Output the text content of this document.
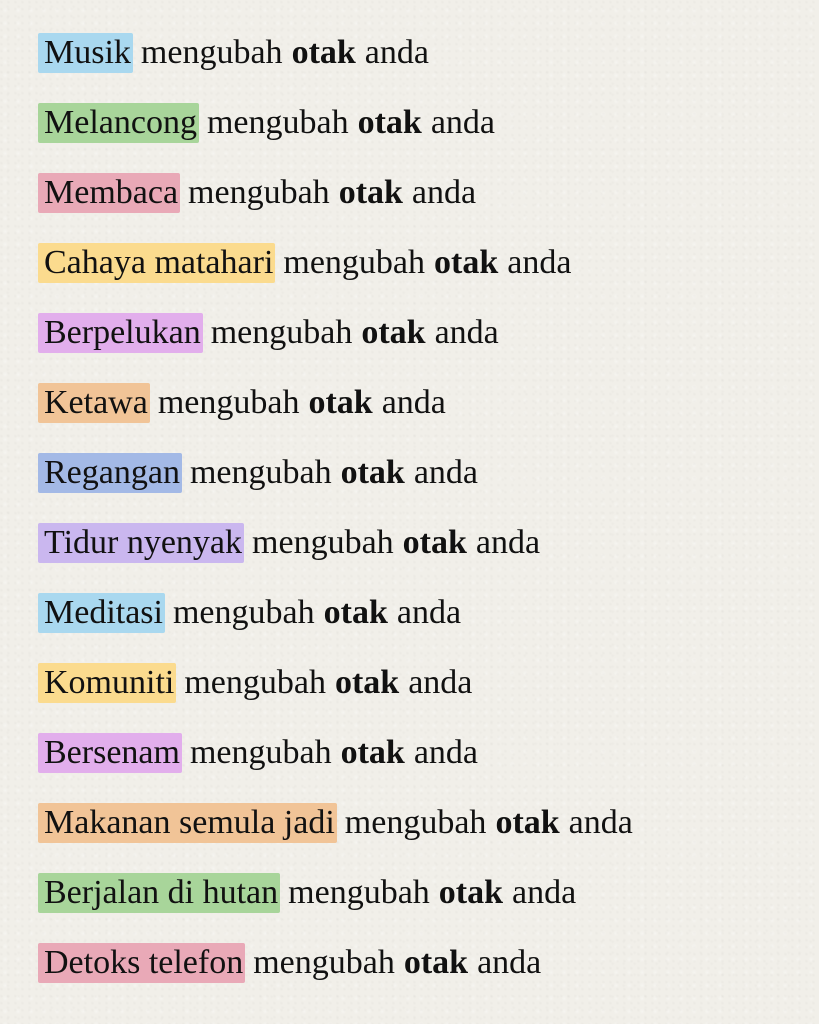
Musik mengubah otak anda
Melancong mengubah otak anda
Membaca mengubah otak anda
Cahaya matahari mengubah otak anda
Berpelukan mengubah otak anda
Ketawa mengubah otak anda
Regangan mengubah otak anda
Tidur nyenyak mengubah otak anda
Meditasi mengubah otak anda
Komuniti mengubah otak anda
Bersenam mengubah otak anda
Makanan semula jadi mengubah otak anda
Berjalan di hutan mengubah otak anda
Detoks telefon mengubah otak anda
